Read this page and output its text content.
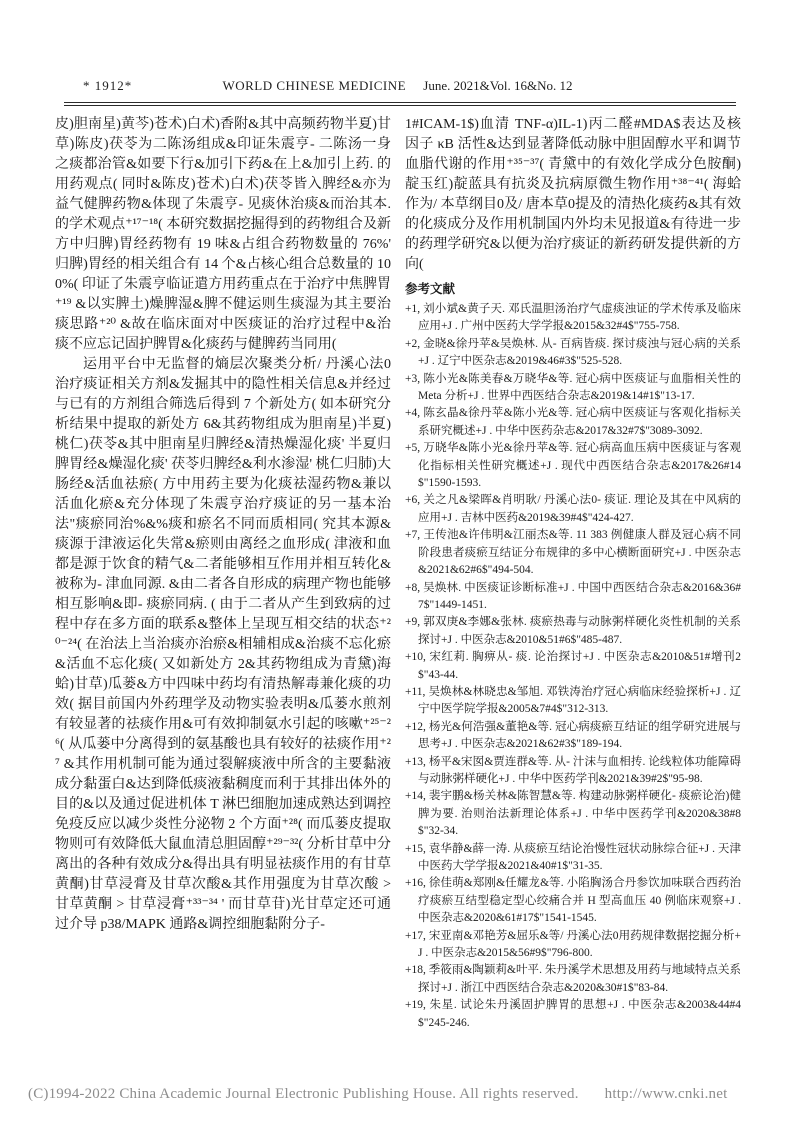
* 1912*	WORLD CHINESE MEDICINE June. 2021&Vol. 16&No. 12

皮)胆南星)黄芩)苍术)白术)香附&其中高频药物半夏)甘草)陈皮)茯苓为二陈汤组成&印证朱震亨- 二陈汤一身之痰都治管&如要下行&加引下药&在上&加引上药. 的用药观点( 同时&陈皮)苍术)白术)茯苓皆入脾经&亦为益气健脾药物&体现了朱震亨- 见痰休治痰&而治其本. 的学术观点⁺¹⁷⁻¹⁸( 本研究数据挖掘得到的药物组合及新方中归脾)胃经药物有 19 味&占组合药物数量的 76%' 归脾)胃经的相关组合有 14 个&占核心组合总数量的 100%( 印证了朱震亨临证遣方用药重点在于治疗中焦脾胃⁺¹⁹ &以实脾土)燥脾湿&脾不健运则生痰湿为其主要治痰思路⁺²⁰ &故在临床面对中医痰证的治疗过程中&治痰不应忘记固护脾胃&化痰药与健脾药当同用(

运用平台中无监督的熵层次聚类分析/ 丹溪心法0治疗痰证相关方剂&发掘其中的隐性相关信息&并经过与已有的方剂组合筛选后得到 7 个新处方( 如本研究分析结果中提取的新处方 6&其药物组成为胆南星)半夏)桃仁)茯苓&其中胆南星归脾经&清热燥湿化痰' 半夏归脾胃经&燥湿化痰' 茯苓归脾经&利水渗湿' 桃仁归肺)大肠经&活血祛瘀( 方中用药主要为化痰祛湿药物&兼以活血化瘀&充分体现了朱震亨治疗痰证的另一基本治法"痰瘀同治%&%痰和瘀名不同而质相同( 究其本源&痰源于津液运化失常&瘀则由离经之血形成( 津液和血都是源于饮食的精气&二者能够相互作用并相互转化&被称为- 津血同源. &由二者各自形成的病理产物也能够相互影响&即- 痰瘀同病. ( 由于二者从产生到致病的过程中存在多方面的联系&整体上呈现互相交结的状态⁺²⁰⁻²⁴( 在治法上当治痰亦治瘀&相辅相成&治痰不忘化瘀&活血不忘化痰( 又如新处方 2&其药物组成为青黛)海蛤)甘草)瓜蒌&方中四味中药均有清热解毒兼化痰的功效( 据目前国内外药理学及动物实验表明&瓜蒌水煎剂有较显著的祛痰作用&可有效抑制氨水引起的咳嗽⁺²⁵⁻²⁶( 从瓜蒌中分离得到的氨基酸也具有较好的祛痰作用⁺²⁷ &其作用机制可能为通过裂解痰液中所含的主要黏液成分黏蛋白&达到降低痰液黏稠度而利于其排出体外的目的&以及通过促进机体 T 淋巴细胞加速成熟达到调控免疫反应以减少炎性分泌物 2 个方面⁺²⁸( 而瓜蒌皮提取物则可有效降低大鼠血清总胆固醇⁺²⁹⁻³²( 分析甘草中分离出的各种有效成分&得出具有明显祛痰作用的有甘草黄酮)甘草浸膏及甘草次酸&其作用强度为甘草次酸 > 甘草黄酮 > 甘草浸膏⁺³³⁻³⁴ ' 而甘草苷)光甘草定还可通过介导 p38/MAPK 通路&调控细胞黏附分子-

1#ICAM-1$)血清 TNF-α)IL-1)丙二醛#MDA$表达及核因子 κB 活性&达到显著降低动脉中胆固醇水平和调节血脂代谢的作用⁺³⁵⁻³⁷( 青黛中的有效化学成分色胺酮)靛玉红)靛蓝具有抗炎及抗病原微生物作用⁺³⁸⁻⁴¹( 海蛤作为/ 本草纲目0及/ 唐本草0提及的清热化痰药&其有效的化痰成分及作用机制国内外均未见报道&有待进一步的药理学研究&以便为治疗痰证的新药研发提供新的方向(

参考文献
+1, 刘小斌&黄子天. 邓氏温胆汤治疗气虚痰浊证的学术传承及临床应用+J . 广州中医药大学学报&2015&32#4$"755-758.
+2, 金晓&徐丹苹&吴焕林. 从- 百病皆痰. 探讨痰浊与冠心病的关系+J . 辽宁中医杂志&2019&46#3$"525-528.
+3, 陈小光&陈美春&万晓华&等. 冠心病中医痰证与血脂相关性的 Meta 分析+J . 世界中西医结合杂志&2019&14#1$"13-17.
+4, 陈玄晶&徐丹苹&陈小光&等. 冠心病中医痰证与客观化指标关系研究概述+J . 中华中医药杂志&2017&32#7$"3089-3092.
+5, 万晓华&陈小光&徐丹苹&等. 冠心病高血压病中医痰证与客观化指标相关性研究概述+J . 现代中西医结合杂志&2017&26#14$"1590-1593.
+6, 关之凡&梁晖&肖明耿/ 丹溪心法0- 痰证. 理论及其在中风病的应用+J . 吉林中医药&2019&39#4$"424-427.
+7, 王传池&许伟明&江丽杰&等. 11 383 例健康人群及冠心病不同阶段患者痰瘀互结证分布规律的多中心横断面研究+J . 中医杂志&2021&62#6$"494-504.
+8, 吴焕林. 中医痰证诊断标准+J . 中国中西医结合杂志&2016&36#7$"1449-1451.
+9, 郭双庚&李娜&张林. 痰瘀热毒与动脉粥样硬化炎性机制的关系探讨+J . 中医杂志&2010&51#6$"485-487.
+10, 宋红莉. 胸痹从- 痰. 论治探讨+J . 中医杂志&2010&51#增刊2$"43-44.
+11, 吴焕林&林晓忠&邹旭. 邓铁涛治疗冠心病临床经验探析+J . 辽宁中医学院学报&2005&7#4$"312-313.
+12, 杨光&何浩强&董艳&等. 冠心病痰瘀互结证的组学研究进展与思考+J . 中医杂志&2021&62#3$"189-194.
+13, 杨平&宋囡&贾连群&等. 从- 汁沫与血相抟. 论线粒体功能障碍与动脉粥样硬化+J . 中华中医药学刊&2021&39#2$"95-98.
+14, 裴宇鹏&杨关林&陈智慧&等. 构建动脉粥样硬化- 痰瘀论治)健脾为要. 治则治法新理论体系+J . 中华中医药学刊&2020&38#8$"32-34.
+15, 袁华静&薛一涛. 从痰瘀互结论治慢性冠状动脉综合征+J . 天津中医药大学学报&2021&40#1$"31-35.
+16, 徐佳萌&郑刚&任耀龙&等. 小陷胸汤合丹参饮加味联合西药治疗痰瘀互结型稳定型心绞痛合并 H 型高血压 40 例临床观察+J . 中医杂志&2020&61#17$"1541-1545.
+17, 宋亚南&邓艳芳&屈乐&等/ 丹溪心法0用药规律数据挖掘分析+J . 中医杂志&2015&56#9$"796-800.
+18, 季筱雨&陶颖莉&叶平. 朱丹溪学术思想及用药与地域特点关系探讨+J . 浙江中西医结合杂志&2020&30#1$"83-84.
+19, 朱星. 试论朱丹溪固护脾胃的思想+J . 中医杂志&2003&44#4$"245-246.
(C)1994-2022 China Academic Journal Electronic Publishing House. All rights reserved. http://www.cnki.net
